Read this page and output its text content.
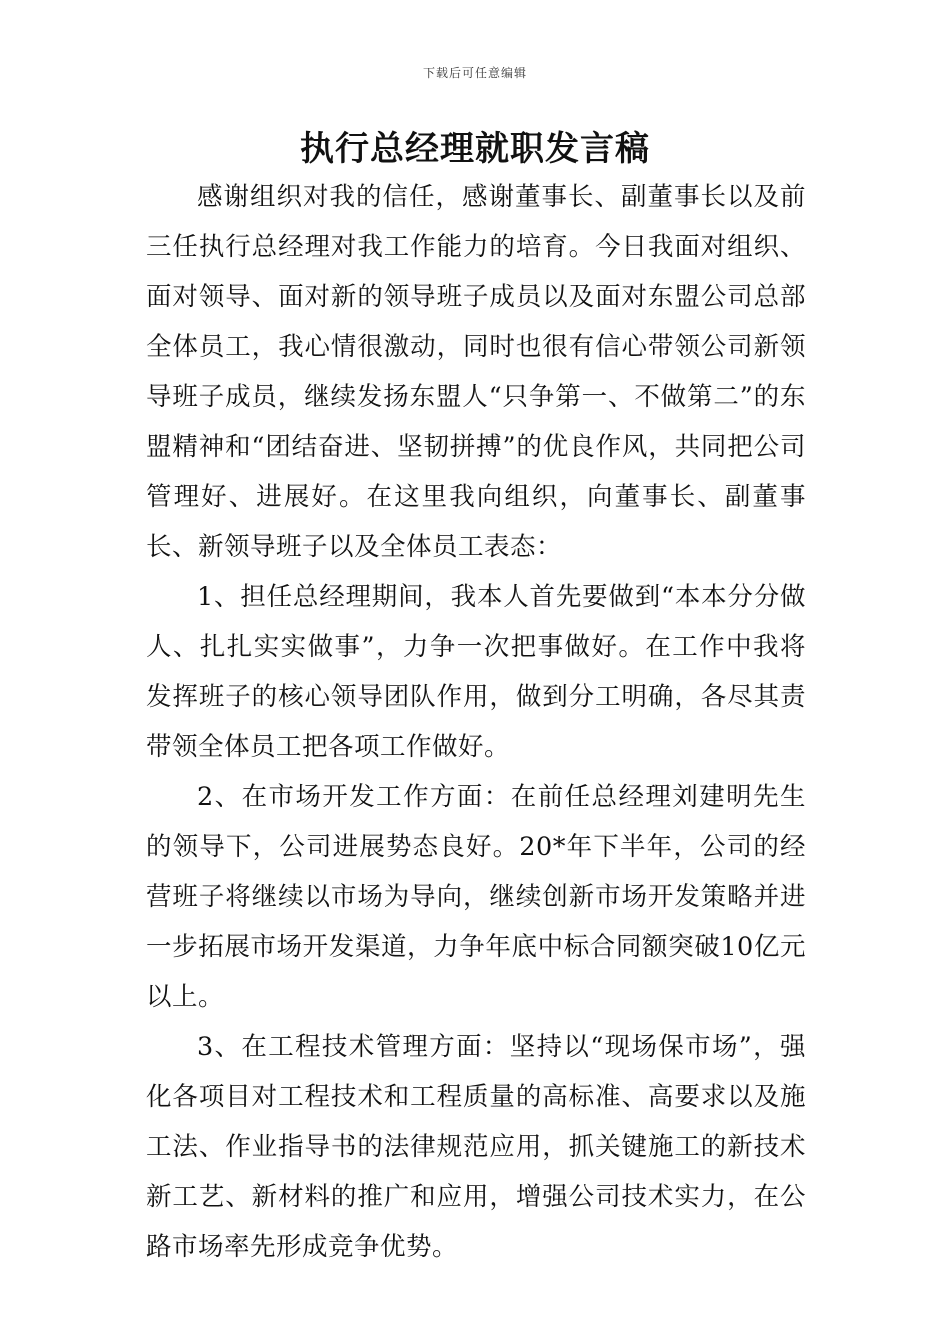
下载后可任意编辑
执行总经理就职发言稿

感谢组织对我的信任，感谢董事长、副董事长以及前三任执行总经理对我工作能力的培育。今日我面对组织、面对领导、面对新的领导班子成员以及面对东盟公司总部全体员工，我心情很激动，同时也很有信心带领公司新领导班子成员，继续发扬东盟人“只争第一、不做第二”的东盟精神和“团结奋进、坚韧拼搏”的优良作风，共同把公司管理好、进展好。在这里我向组织，向董事长、副董事长、新领导班子以及全体员工表态：

1、担任总经理期间，我本人首先要做到“本本分分做人、扎扎实实做事”，力争一次把事做好。在工作中我将发挥班子的核心领导团队作用，做到分工明确，各尽其责带领全体员工把各项工作做好。

2、在市场开发工作方面：在前任总经理刘建明先生的领导下，公司进展势态良好。20*年下半年，公司的经营班子将继续以市场为导向，继续创新市场开发策略并进一步拓展市场开发渠道，力争年底中标合同额突破10亿元以上。

3、在工程技术管理方面：坚持以“现场保市场”，强化各项目对工程技术和工程质量的高标准、高要求以及施工法、作业指导书的法律规范应用，抓关键施工的新技术新工艺、新材料的推广和应用，增强公司技术实力，在公路市场率先形成竞争优势。
